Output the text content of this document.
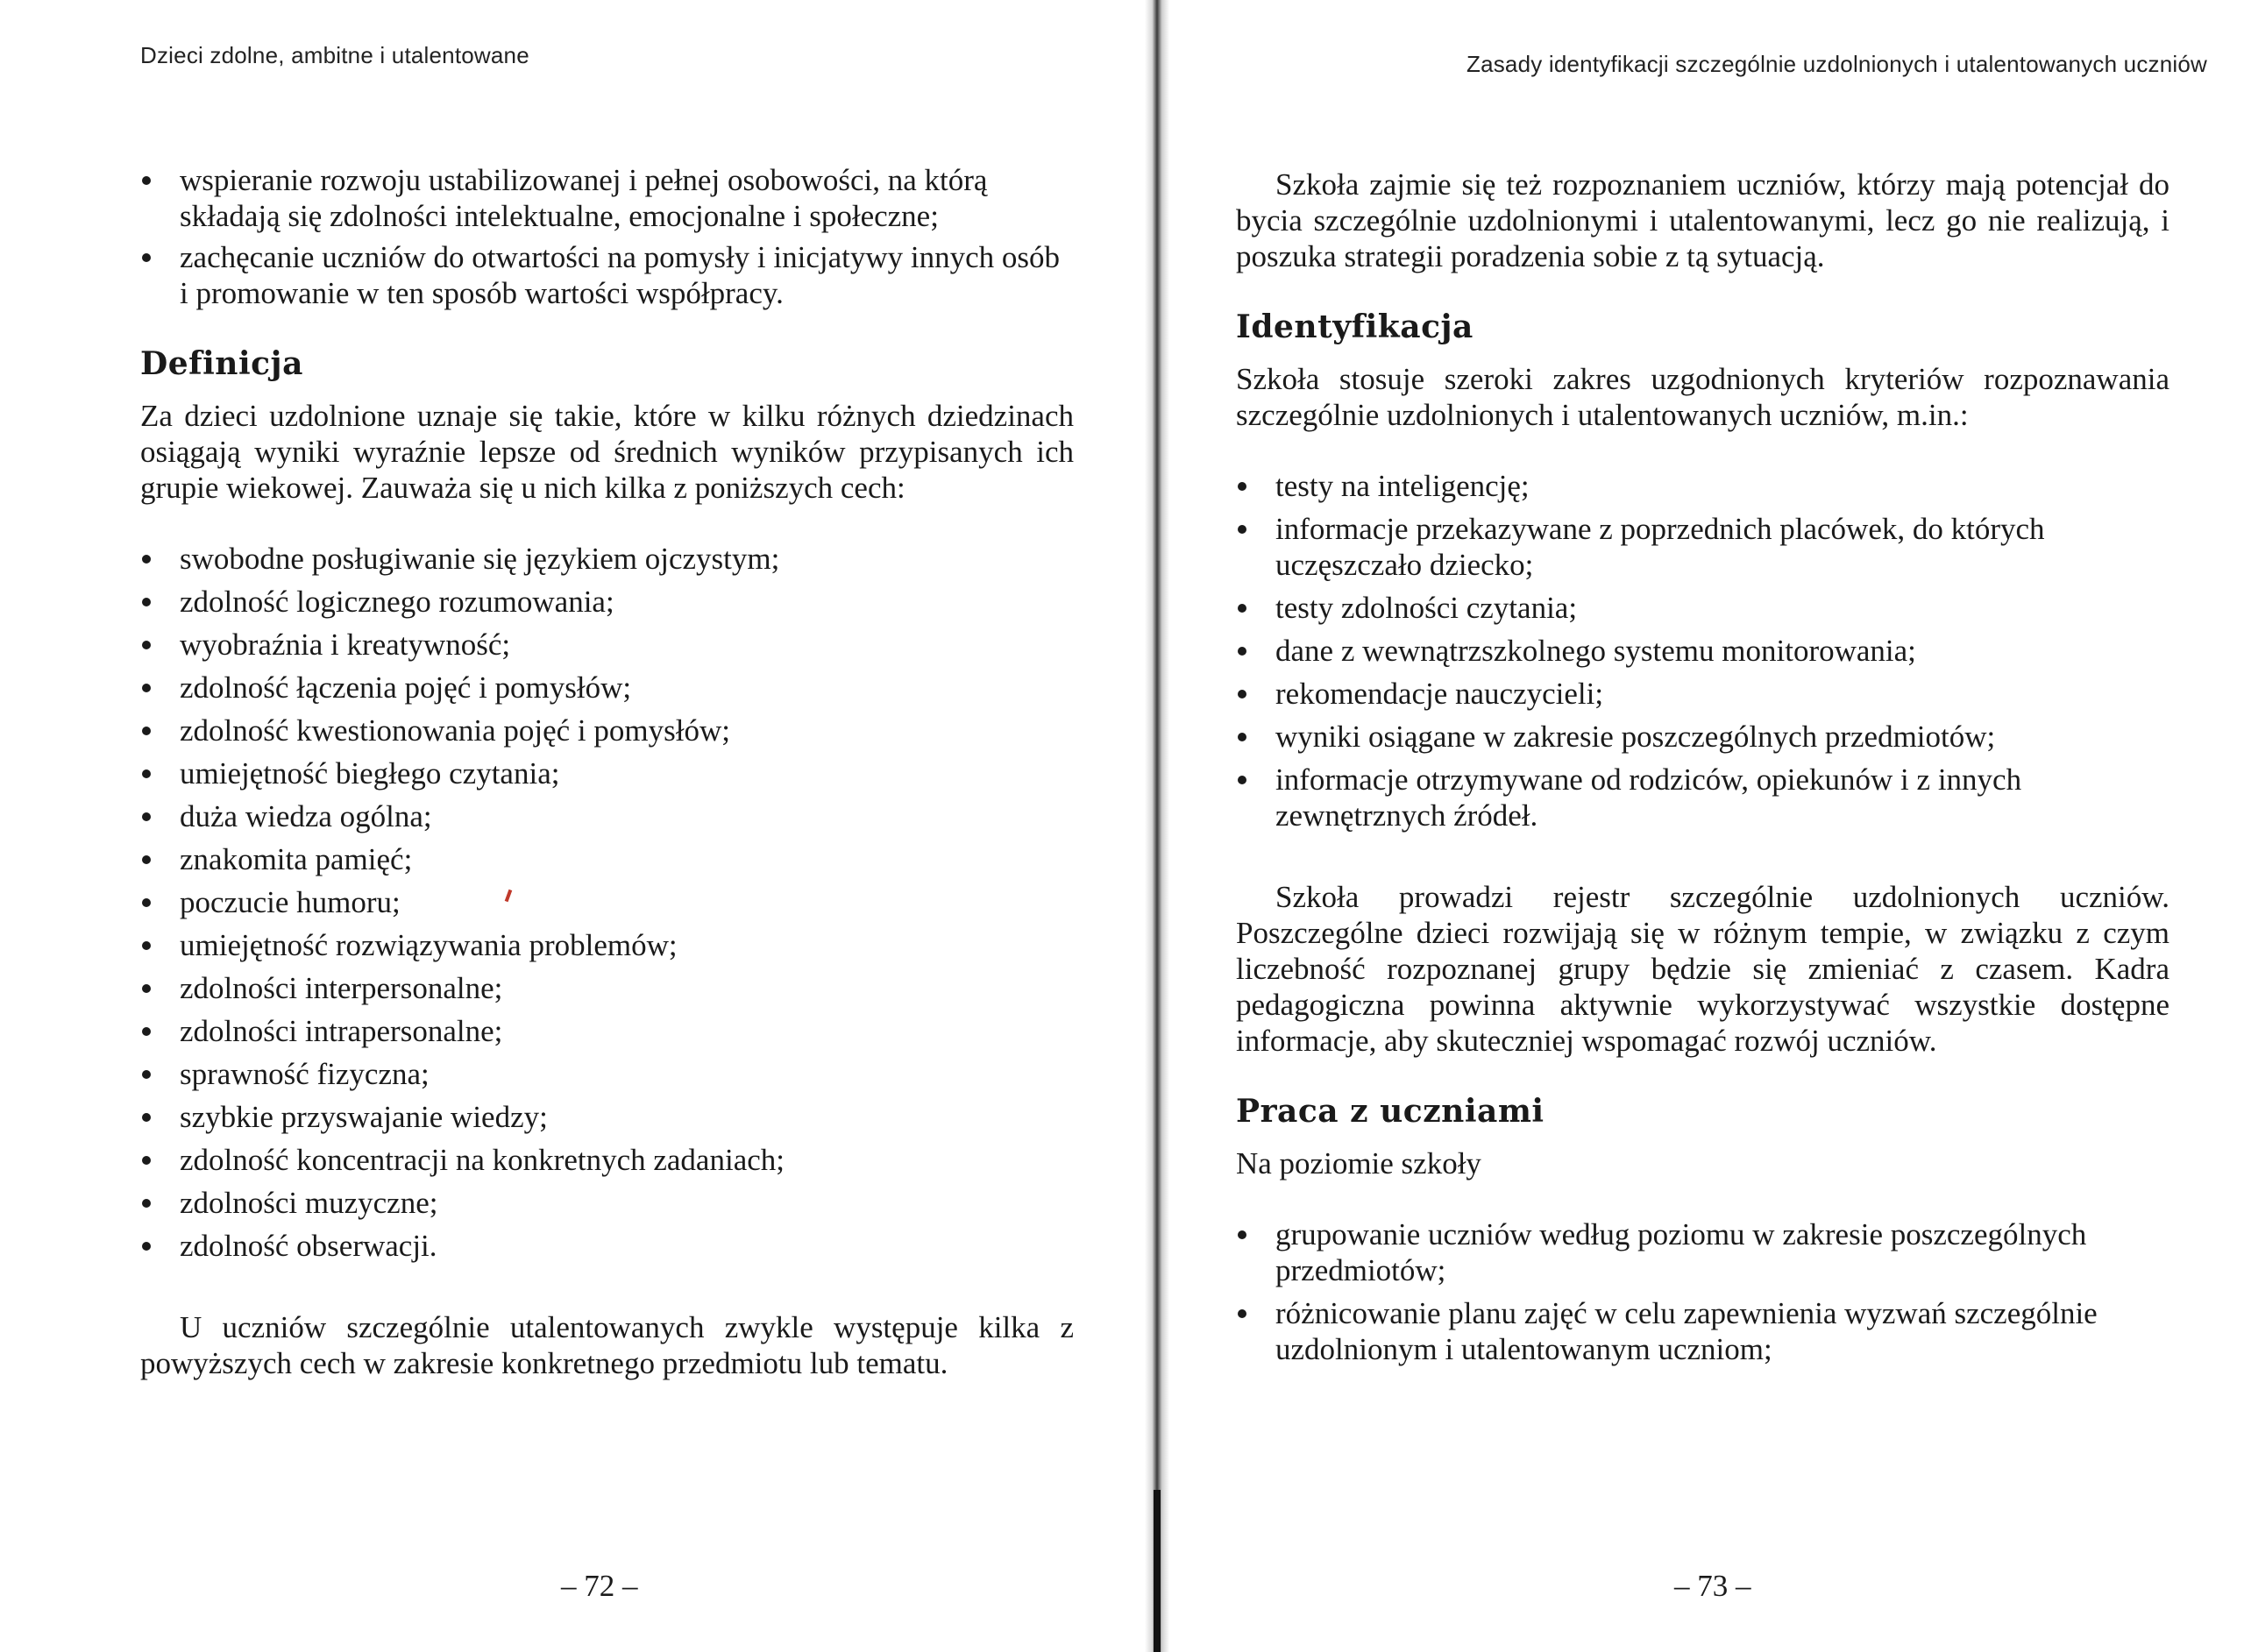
Dzieci zdolne, ambitne i utalentowane
wspieranie rozwoju ustabilizowanej i pełnej osobowości, na którą składają się zdolności intelektualne, emocjonalne i społeczne;
zachęcanie uczniów do otwartości na pomysły i inicjatywy innych osób i promowanie w ten sposób wartości współpracy.
Definicja

Za dzieci uzdolnione uznaje się takie, które w kilku różnych dziedzinach osiągają wyniki wyraźnie lepsze od średnich wyników przypisanych ich grupie wiekowej. Zauważa się u nich kilka z poniższych cech:

swobodne posługiwanie się językiem ojczystym;
zdolność logicznego rozumowania;
wyobraźnia i kreatywność;
zdolność łączenia pojęć i pomysłów;
zdolność kwestionowania pojęć i pomysłów;
umiejętność biegłego czytania;
duża wiedza ogólna;
znakomita pamięć;
poczucie humoru;
umiejętność rozwiązywania problemów;
zdolności interpersonalne;
zdolności intrapersonalne;
sprawność fizyczna;
szybkie przyswajanie wiedzy;
zdolność koncentracji na konkretnych zadaniach;
zdolności muzyczne;
zdolność obserwacji.

U uczniów szczególnie utalentowanych zwykle występuje kilka z powyższych cech w zakresie konkretnego przedmiotu lub tematu.

– 72 –
Zasady identyfikacji szczególnie uzdolnionych i utalentowanych uczniów

Szkoła zajmie się też rozpoznaniem uczniów, którzy mają potencjał do bycia szczególnie uzdolnionymi i utalentowanymi, lecz go nie realizują, i poszuka strategii poradzenia sobie z tą sytuacją.

Identyfikacja

Szkoła stosuje szeroki zakres uzgodnionych kryteriów rozpoznawania szczególnie uzdolnionych i utalentowanych uczniów, m.in.:

testy na inteligencję;
informacje przekazywane z poprzednich placówek, do których uczęszczało dziecko;
testy zdolności czytania;
dane z wewnątrzszkolnego systemu monitorowania;
rekomendacje nauczycieli;
wyniki osiągane w zakresie poszczególnych przedmiotów;
informacje otrzymywane od rodziców, opiekunów i z innych zewnętrznych źródeł.

Szkoła prowadzi rejestr szczególnie uzdolnionych uczniów. Poszczególne dzieci rozwijają się w różnym tempie, w związku z czym liczebność rozpoznanej grupy będzie się zmieniać z czasem. Kadra pedagogiczna powinna aktywnie wykorzystywać wszystkie dostępne informacje, aby skuteczniej wspomagać rozwój uczniów.

Praca z uczniami

Na poziomie szkoły

grupowanie uczniów według poziomu w zakresie poszczególnych przedmiotów;
różnicowanie planu zajęć w celu zapewnienia wyzwań szczególnie uzdolnionym i utalentowanym uczniom;
– 73 –
